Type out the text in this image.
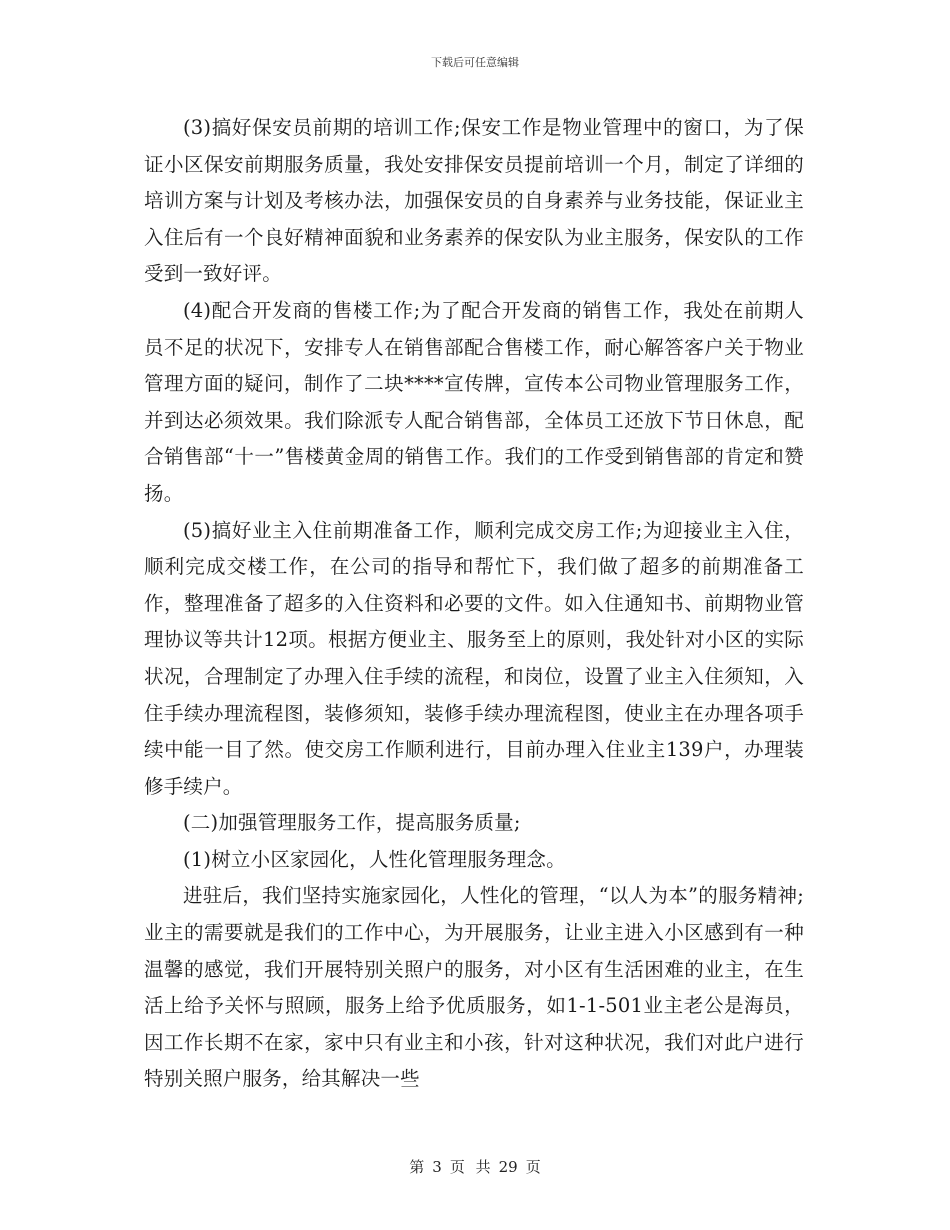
下载后可任意编辑

(3)搞好保安员前期的培训工作;保安工作是物业管理中的窗口，为了保证小区保安前期服务质量，我处安排保安员提前培训一个月，制定了详细的培训方案与计划及考核办法，加强保安员的自身素养与业务技能，保证业主入住后有一个良好精神面貌和业务素养的保安队为业主服务，保安队的工作受到一致好评。

(4)配合开发商的售楼工作;为了配合开发商的销售工作，我处在前期人员不足的状况下，安排专人在销售部配合售楼工作，耐心解答客户关于物业管理方面的疑问，制作了二块****宣传牌，宣传本公司物业管理服务工作，并到达必须效果。我们除派专人配合销售部，全体员工还放下节日休息，配合销售部“十一”售楼黄金周的销售工作。我们的工作受到销售部的肯定和赞扬。

(5)搞好业主入住前期准备工作，顺利完成交房工作;为迎接业主入住，顺利完成交楼工作，在公司的指导和帮忙下，我们做了超多的前期准备工作，整理准备了超多的入住资料和必要的文件。如入住通知书、前期物业管理协议等共计12项。根据方便业主、服务至上的原则，我处针对小区的实际状况，合理制定了办理入住手续的流程，和岗位，设置了业主入住须知，入住手续办理流程图，装修须知，装修手续办理流程图，使业主在办理各项手续中能一目了然。使交房工作顺利进行，目前办理入住业主139户，办理装修手续户。

(二)加强管理服务工作，提高服务质量;

(1)树立小区家园化，人性化管理服务理念。

进驻后，我们坚持实施家园化，人性化的管理，“以人为本”的服务精神;业主的需要就是我们的工作中心，为开展服务，让业主进入小区感到有一种温馨的感觉，我们开展特别关照户的服务，对小区有生活困难的业主，在生活上给予关怀与照顾，服务上给予优质服务，如1-1-501业主老公是海员，因工作长期不在家，家中只有业主和小孩，针对这种状况，我们对此户进行特别关照户服务，给其解决一些

第 3 页 共 29 页
